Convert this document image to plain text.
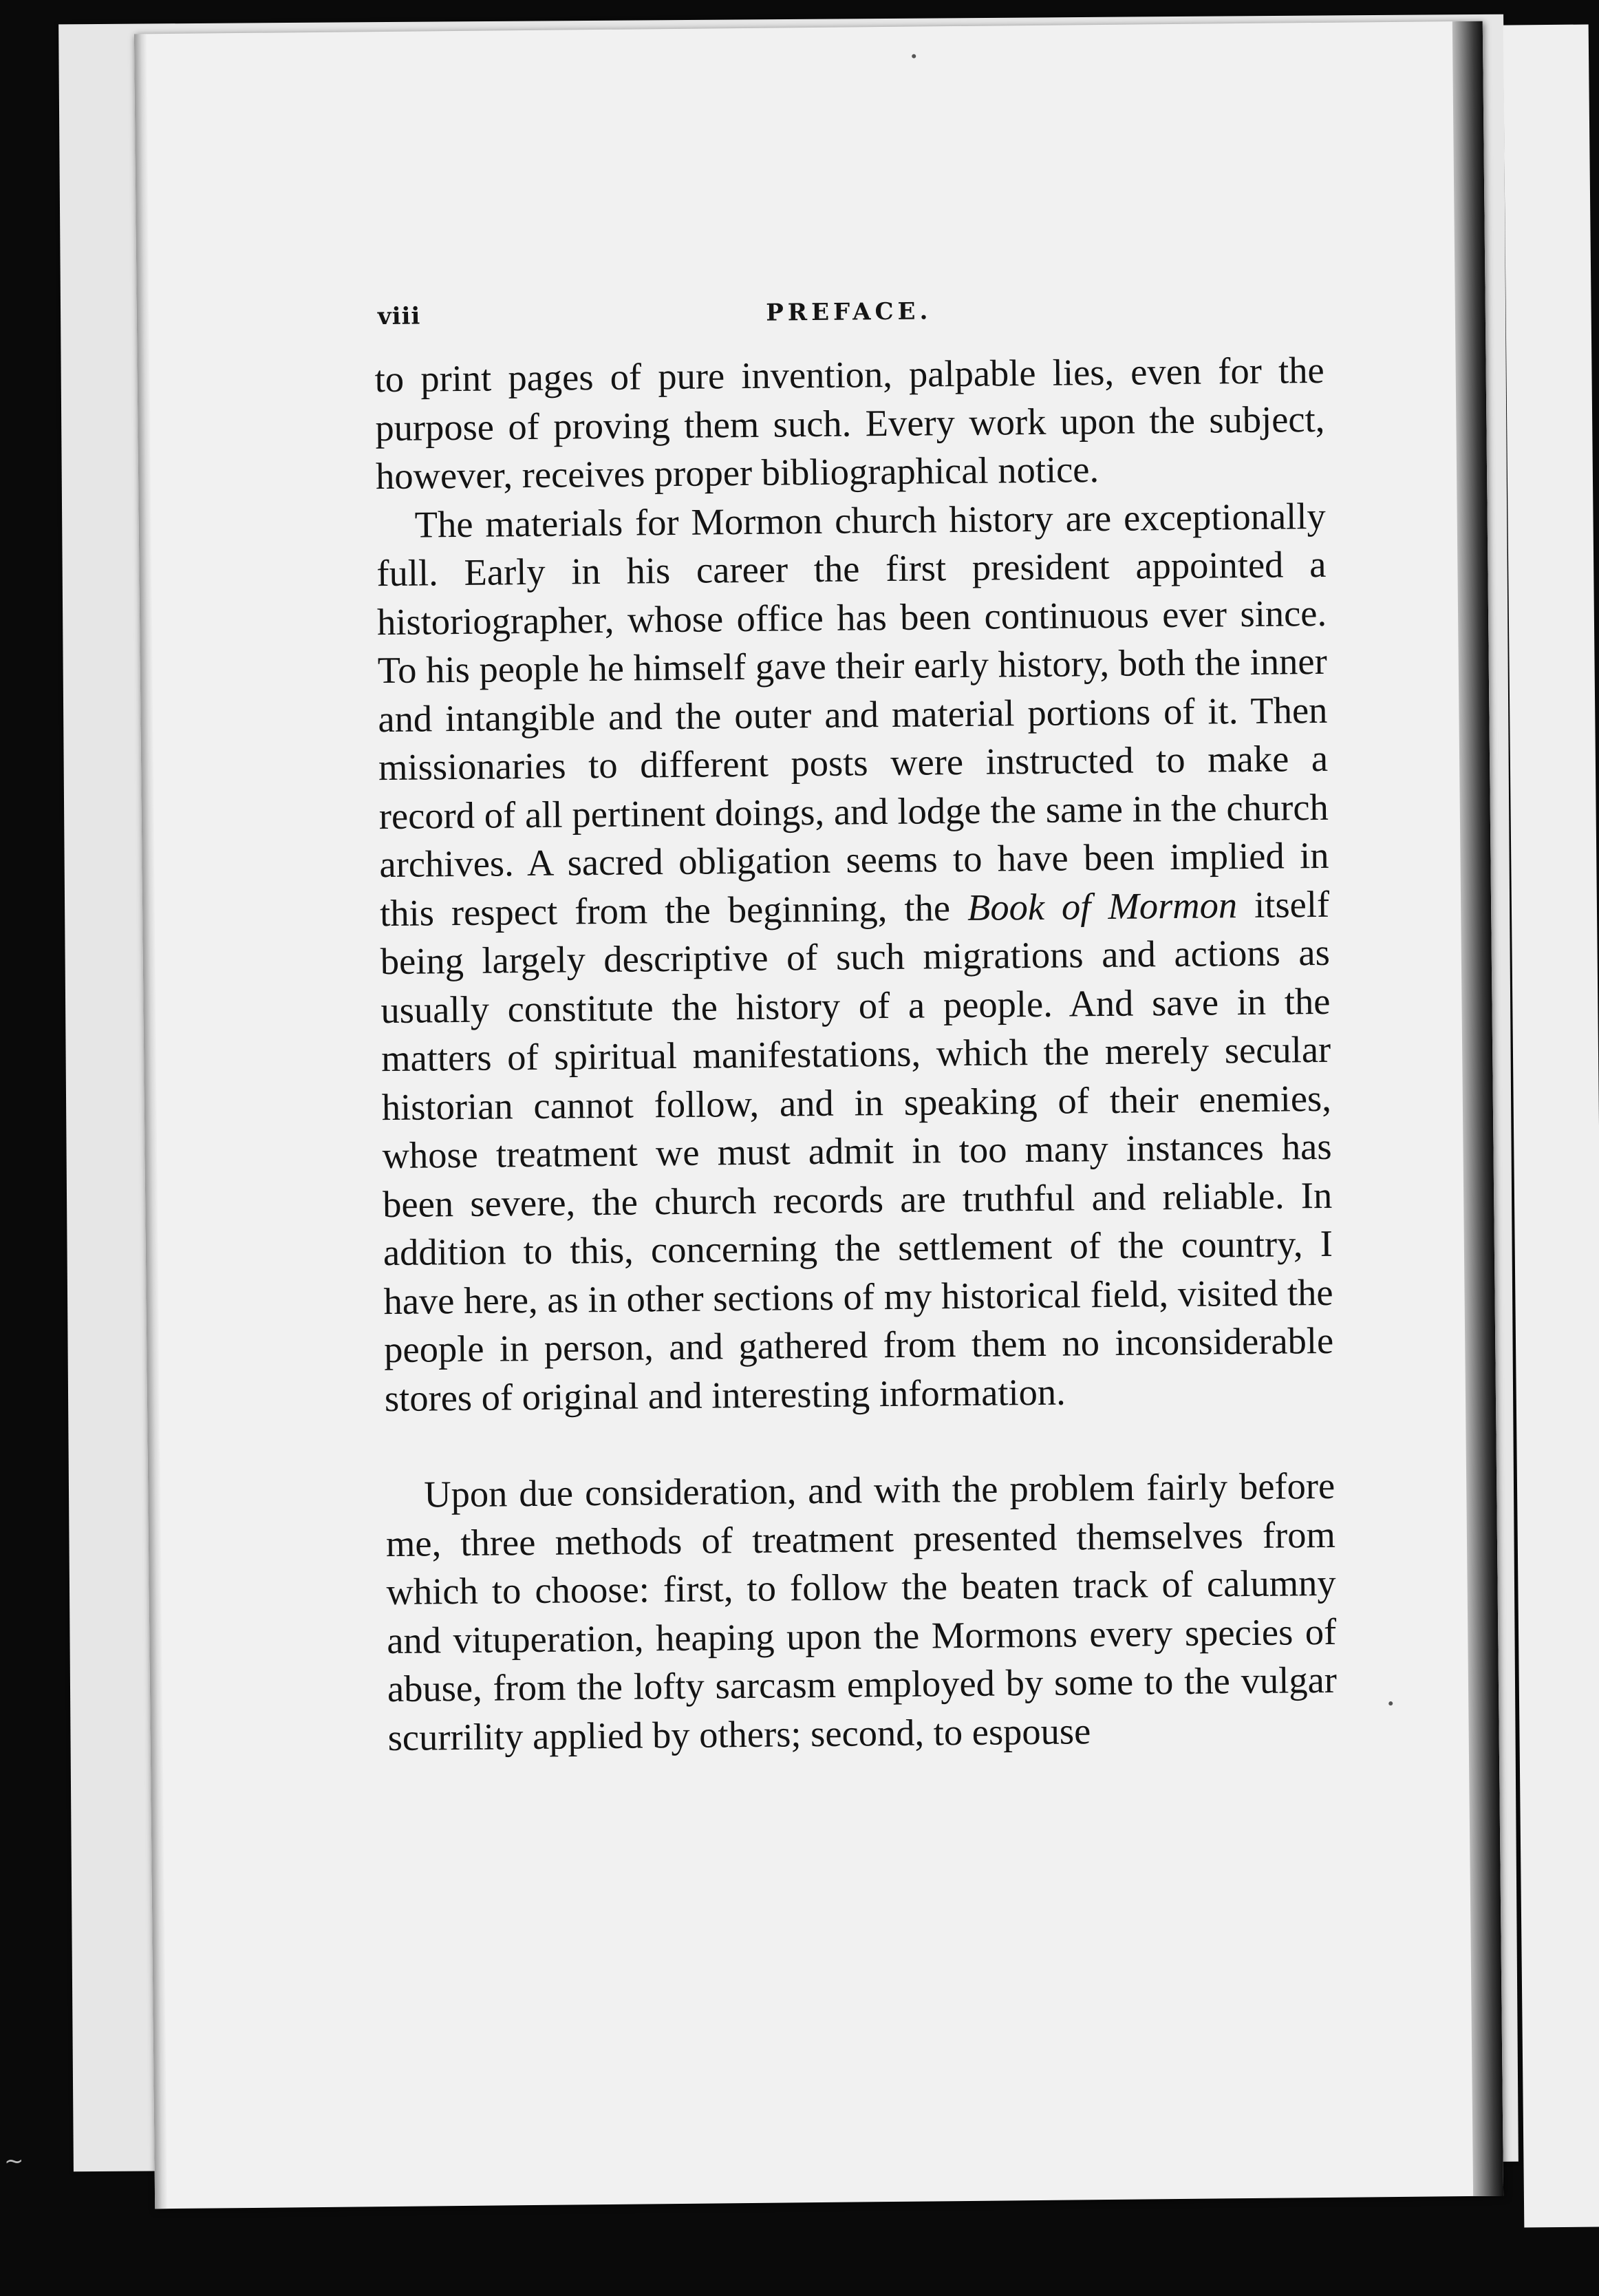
viii	PREFACE.

to print pages of pure invention, palpable lies, even for the purpose of proving them such. Every work upon the subject, however, receives proper bibliographical notice.

The materials for Mormon church history are exceptionally full. Early in his career the first president appointed a historiographer, whose office has been continuous ever since. To his people he himself gave their early history, both the inner and intangible and the outer and material portions of it. Then missionaries to different posts were instructed to make a record of all pertinent doings, and lodge the same in the church archives. A sacred obligation seems to have been implied in this respect from the beginning, the Book of Mormon itself being largely descriptive of such migrations and actions as usually constitute the history of a people. And save in the matters of spiritual manifestations, which the merely secular historian cannot follow, and in speaking of their enemies, whose treatment we must admit in too many instances has been severe, the church records are truthful and reliable. In addition to this, concerning the settlement of the country, I have here, as in other sections of my historical field, visited the people in person, and gathered from them no inconsiderable stores of original and interesting information.

Upon due consideration, and with the problem fairly before me, three methods of treatment presented themselves from which to choose: first, to follow the beaten track of calumny and vituperation, heaping upon the Mormons every species of abuse, from the lofty sarcasm employed by some to the vulgar scurrility applied by others; second, to espouse

~
